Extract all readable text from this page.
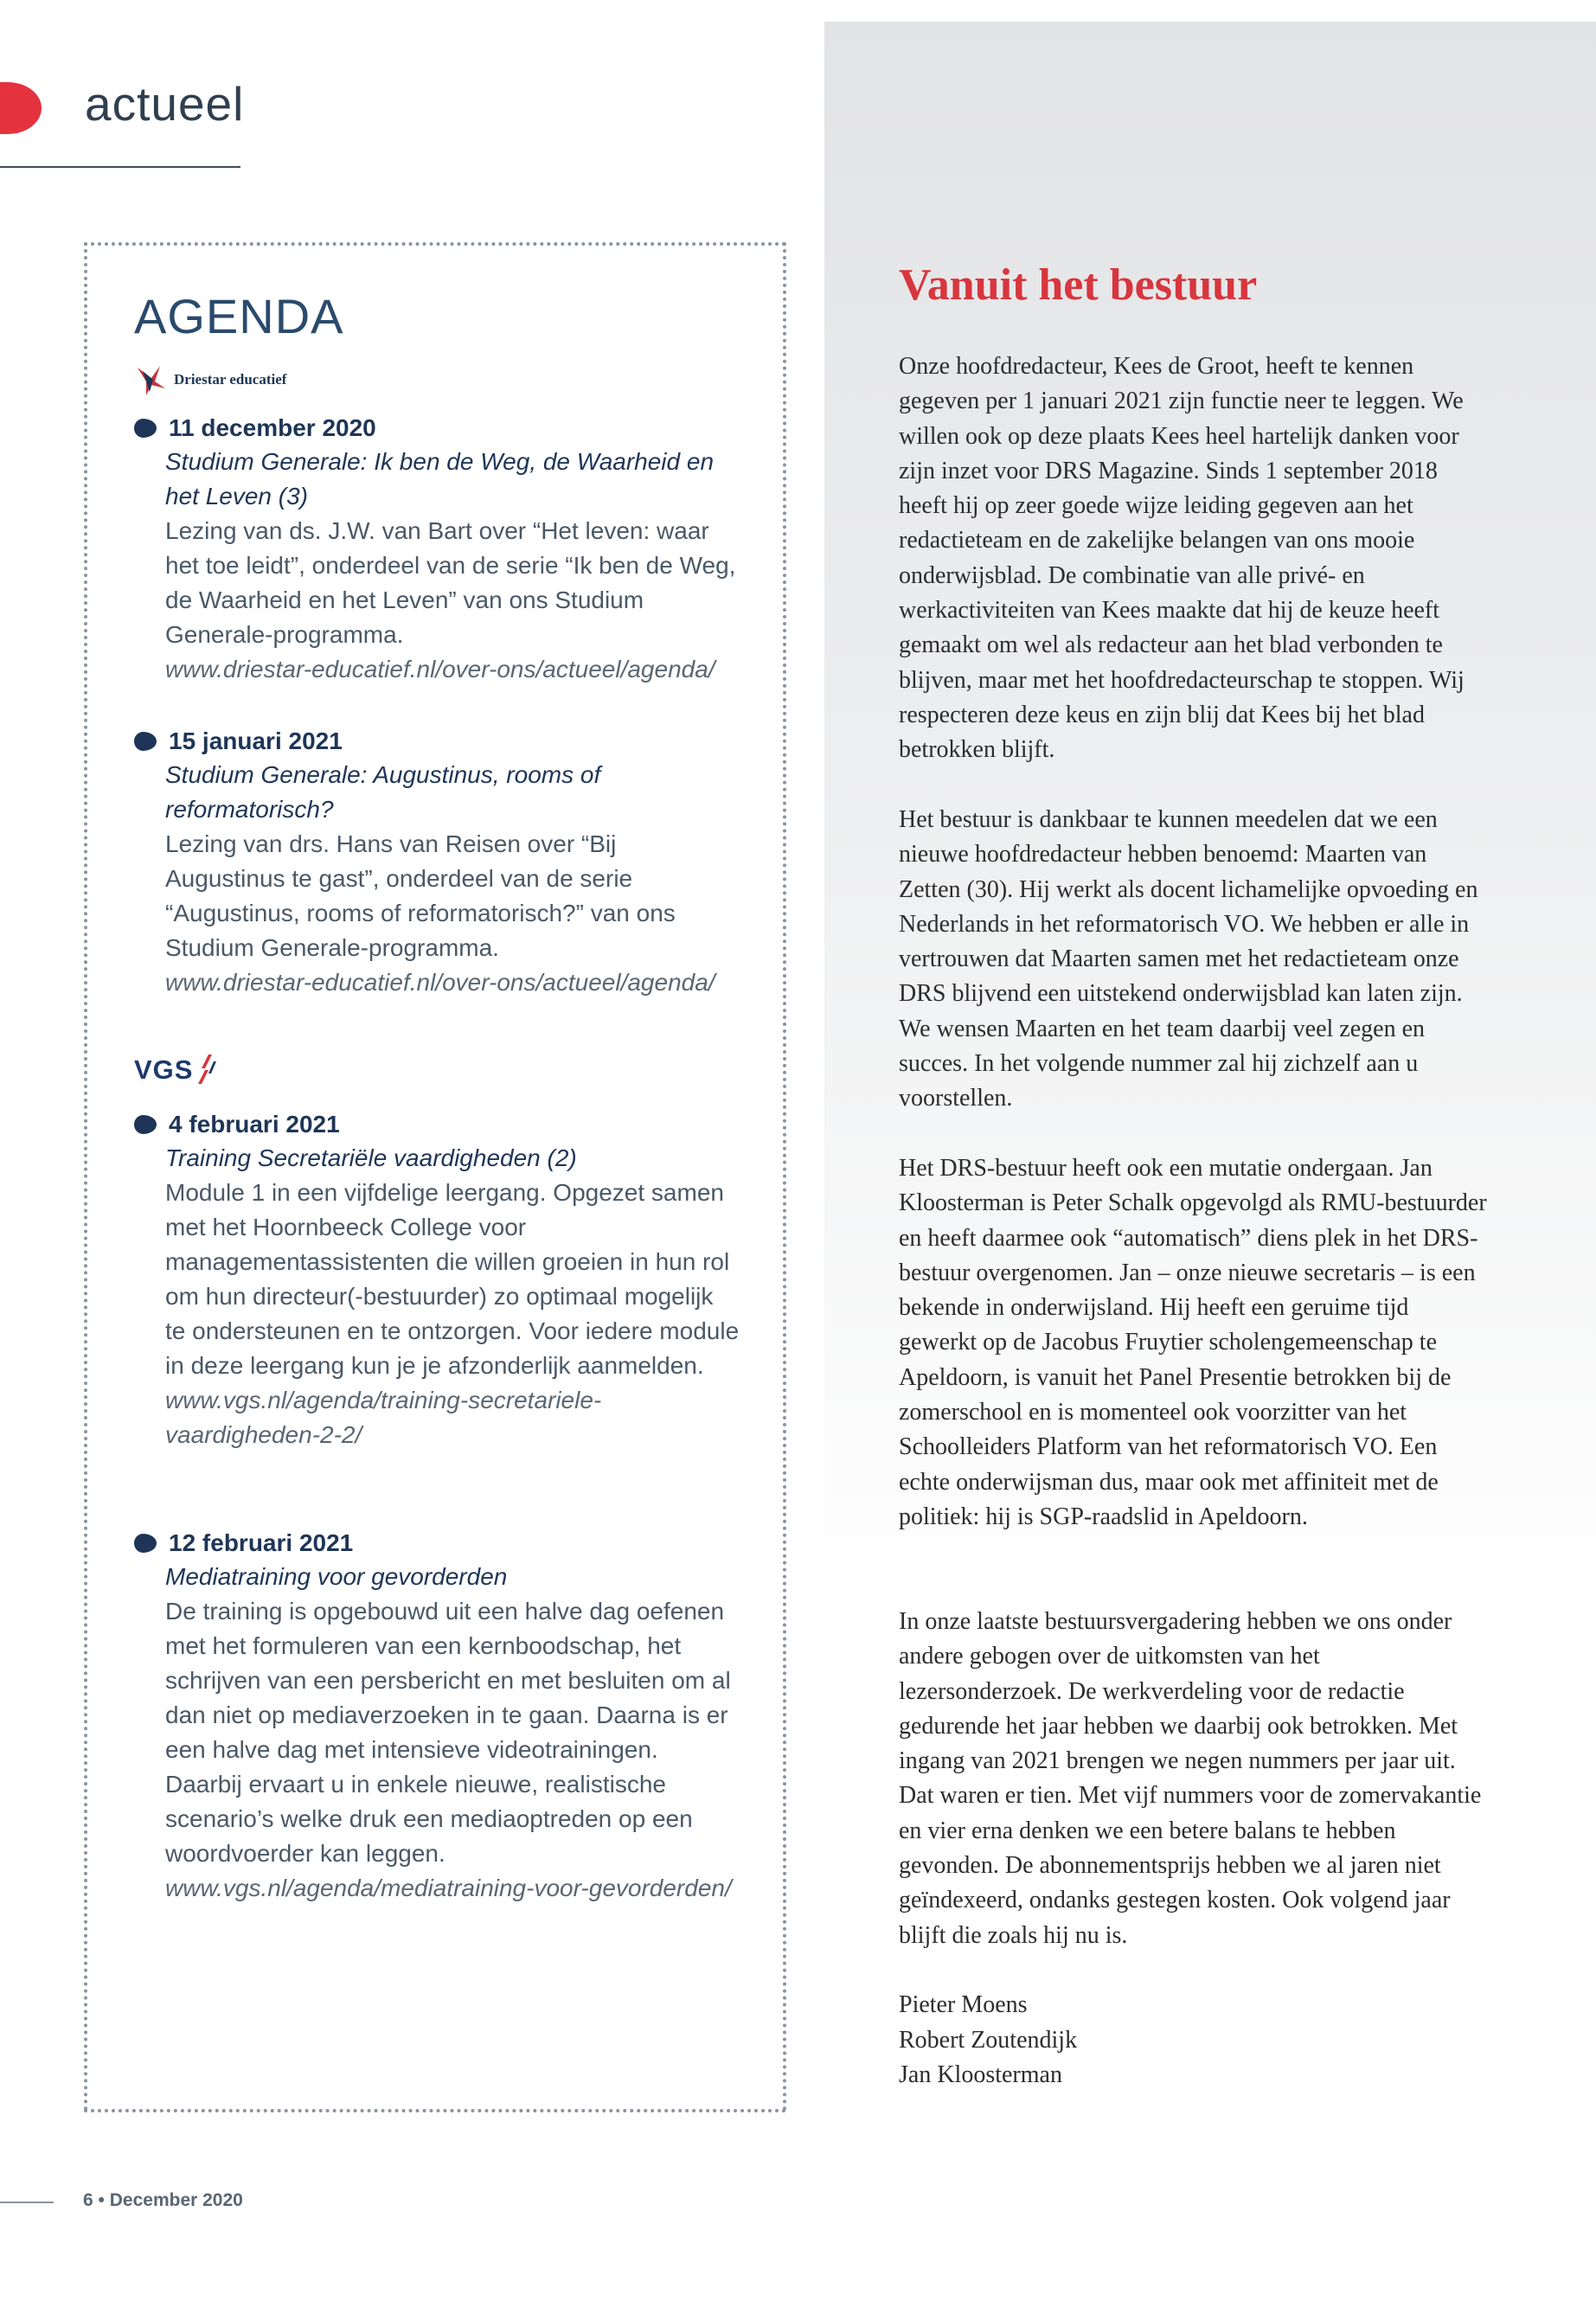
actueel
AGENDA
Driestar educatief
11 december 2020
Studium Generale: Ik ben de Weg, de Waarheid en het Leven (3)
Lezing van ds. J.W. van Bart over “Het leven: waar het toe leidt”, onderdeel van de serie “Ik ben de Weg, de Waarheid en het Leven” van ons Studium Generale-programma.
www.driestar-educatief.nl/over-ons/actueel/agenda/
15 januari 2021
Studium Generale: Augustinus, rooms of reformatorisch?
Lezing van drs. Hans van Reisen over “Bij Augustinus te gast”, onderdeel van de serie “Augustinus, rooms of reformatorisch?” van ons Studium Generale-programma.
www.driestar-educatief.nl/over-ons/actueel/agenda/
VGS
4 februari 2021
Training Secretariële vaardigheden (2)
Module 1 in een vijfdelige leergang. Opgezet samen met het Hoornbeeck College voor managementassistenten die willen groeien in hun rol om hun directeur(-bestuurder) zo optimaal mogelijk te ondersteunen en te ontzorgen. Voor iedere module in deze leergang kun je je afzonderlijk aanmelden.
www.vgs.nl/agenda/training-secretariele-vaardigheden-2-2/
12 februari 2021
Mediatraining voor gevorderden
De training is opgebouwd uit een halve dag oefenen met het formuleren van een kernboodschap, het schrijven van een persbericht en met besluiten om al dan niet op mediaverzoeken in te gaan. Daarna is er een halve dag met intensieve videotrainingen. Daarbij ervaart u in enkele nieuwe, realistische scenario’s welke druk een mediaoptreden op een woordvoerder kan leggen.
www.vgs.nl/agenda/mediatraining-voor-gevorderden/
Vanuit het bestuur
Onze hoofdredacteur, Kees de Groot, heeft te kennen gegeven per 1 januari 2021 zijn functie neer te leggen. We willen ook op deze plaats Kees heel hartelijk danken voor zijn inzet voor DRS Magazine. Sinds 1 september 2018 heeft hij op zeer goede wijze leiding gegeven aan het redactieteam en de zakelijke belangen van ons mooie onderwijsblad. De combinatie van alle privé- en werkactiviteiten van Kees maakte dat hij de keuze heeft gemaakt om wel als redacteur aan het blad verbonden te blijven, maar met het hoofdredacteurschap te stoppen. Wij respecteren deze keus en zijn blij dat Kees bij het blad betrokken blijft.
Het bestuur is dankbaar te kunnen meedelen dat we een nieuwe hoofdredacteur hebben benoemd: Maarten van Zetten (30). Hij werkt als docent lichamelijke opvoeding en Nederlands in het reformatorisch VO. We hebben er alle in vertrouwen dat Maarten samen met het redactieteam onze DRS blijvend een uitstekend onderwijsblad kan laten zijn. We wensen Maarten en het team daarbij veel zegen en succes. In het volgende nummer zal hij zichzelf aan u voorstellen.
Het DRS-bestuur heeft ook een mutatie ondergaan. Jan Kloosterman is Peter Schalk opgevolgd als RMU-bestuurder en heeft daarmee ook “automatisch” diens plek in het DRS-bestuur overgenomen. Jan – onze nieuwe secretaris – is een bekende in onderwijsland. Hij heeft een geruime tijd gewerkt op de Jacobus Fruytier scholengemeenschap te Apeldoorn, is vanuit het Panel Presentie betrokken bij de zomerschool en is momenteel ook voorzitter van het Schoolleiders Platform van het reformatorisch VO. Een echte onderwijsman dus, maar ook met affiniteit met de politiek: hij is SGP-raadslid in Apeldoorn.
In onze laatste bestuursvergadering hebben we ons onder andere gebogen over de uitkomsten van het lezersonderzoek. De werkverdeling voor de redactie gedurende het jaar hebben we daarbij ook betrokken. Met ingang van 2021 brengen we negen nummers per jaar uit. Dat waren er tien. Met vijf nummers voor de zomervakantie en vier erna denken we een betere balans te hebben gevonden. De abonnementsprijs hebben we al jaren niet geïndexeerd, ondanks gestegen kosten. Ook volgend jaar blijft die zoals hij nu is.
Pieter Moens
Robert Zoutendijk
Jan Kloosterman
6 • December 2020
